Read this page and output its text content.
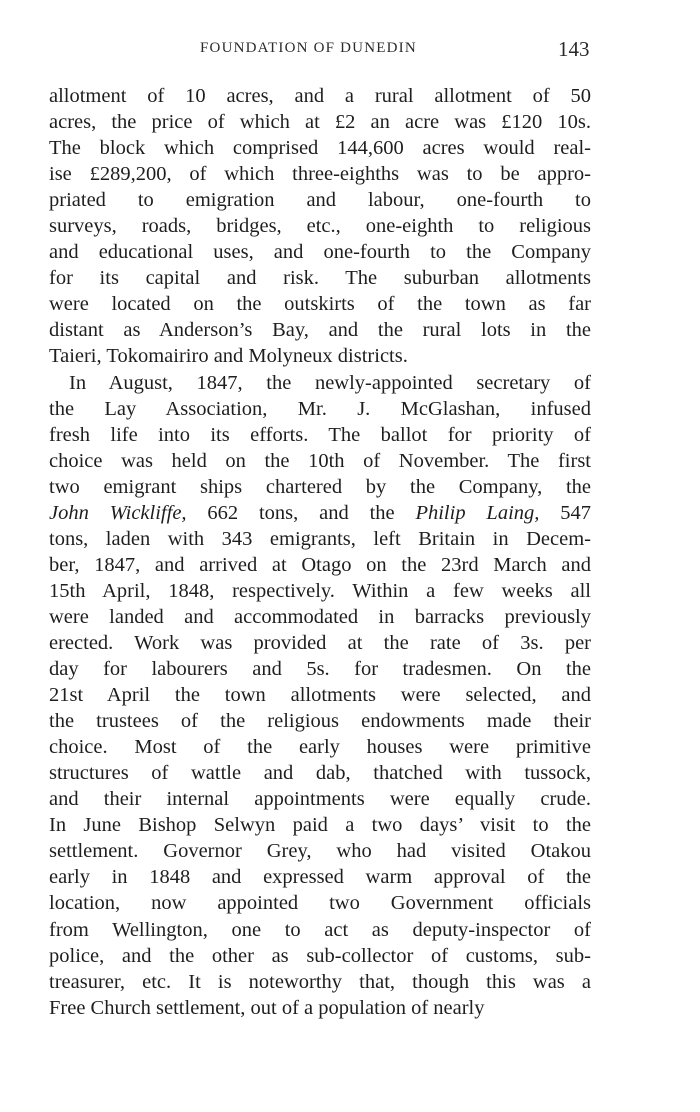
FOUNDATION OF DUNEDIN	143
allotment of 10 acres, and a rural allotment of 50
acres, the price of which at £2 an acre was £120 10s.
The block which comprised 144,600 acres would real-
ise £289,200, of which three-eighths was to be appro-
priated to emigration and labour, one-fourth to
surveys, roads, bridges, etc., one-eighth to religious
and educational uses, and one-fourth to the Company
for its capital and risk. The suburban allotments
were located on the outskirts of the town as far
distant as Anderson’s Bay, and the rural lots in the
Taieri, Tokomairiro and Molyneux districts.
In August, 1847, the newly-appointed secretary of
the Lay Association, Mr. J. McGlashan, infused
fresh life into its efforts. The ballot for priority of
choice was held on the 10th of November. The first
two emigrant ships chartered by the Company, the
John Wickliffe, 662 tons, and the Philip Laing, 547
tons, laden with 343 emigrants, left Britain in Decem-
ber, 1847, and arrived at Otago on the 23rd March and
15th April, 1848, respectively. Within a few weeks all
were landed and accommodated in barracks previously
erected. Work was provided at the rate of 3s. per
day for labourers and 5s. for tradesmen. On the
21st April the town allotments were selected, and
the trustees of the religious endowments made their
choice. Most of the early houses were primitive
structures of wattle and dab, thatched with tussock,
and their internal appointments were equally crude.
In June Bishop Selwyn paid a two days’ visit to the
settlement. Governor Grey, who had visited Otakou
early in 1848 and expressed warm approval of the
location, now appointed two Government officials
from Wellington, one to act as deputy-inspector of
police, and the other as sub-collector of customs, sub-
treasurer, etc. It is noteworthy that, though this was a
Free Church settlement, out of a population of nearly
